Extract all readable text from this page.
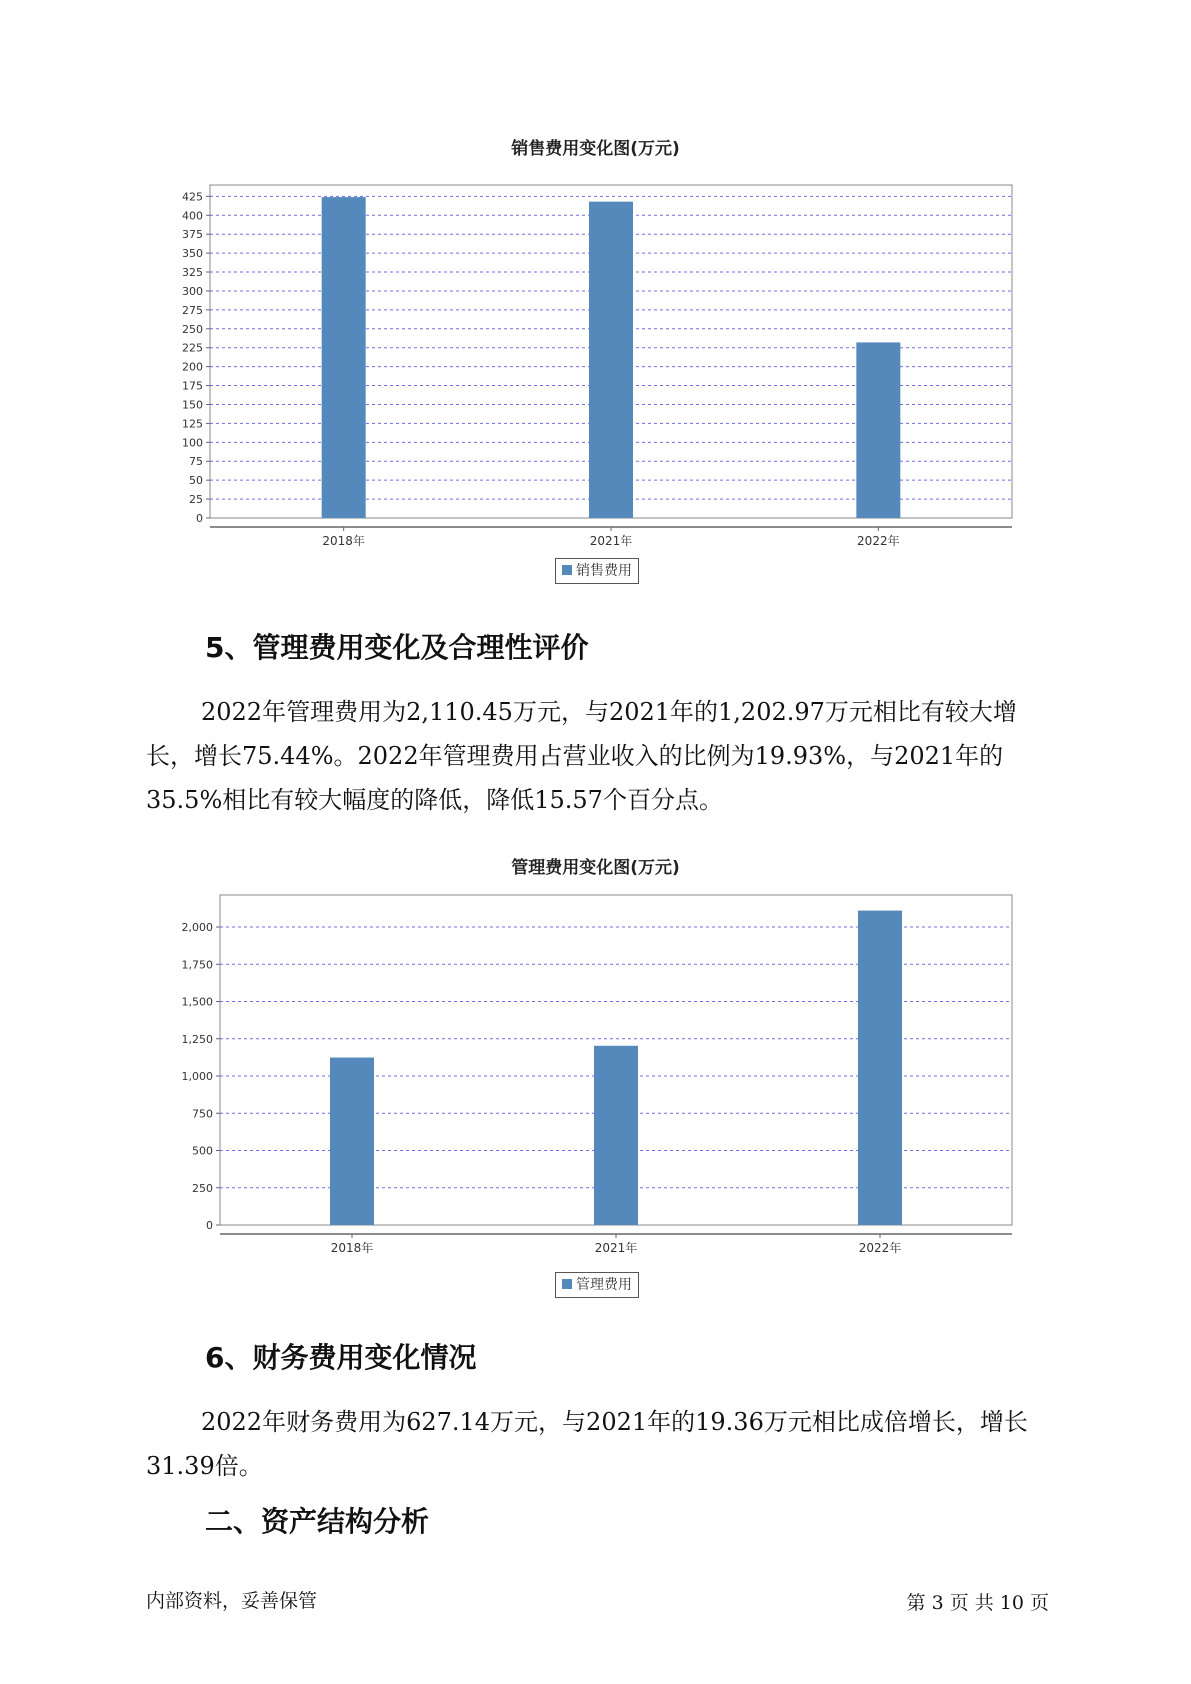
销售费用变化图(万元)
0
25
50
75
100
125
150
175
200
225
250
275
300
325
350
375
400
425
2018年	2021年	2022年
销售费用
5、管理费用变化及合理性评价

2022年管理费用为2,110.45万元，与2021年的1,202.97万元相比有较大增长，增长75.44%。2022年管理费用占营业收入的比例为19.93%，与2021年的35.5%相比有较大幅度的降低，降低15.57个百分点。

管理费用变化图(万元)
0
250
500
750
1,000
1,250
1,500
1,750
2,000
2018年	2021年	2022年
管理费用
6、财务费用变化情况

2022年财务费用为627.14万元，与2021年的19.36万元相比成倍增长，增长31.39倍。

二、资产结构分析
内部资料，妥善保管	第 3 页 共 10 页
